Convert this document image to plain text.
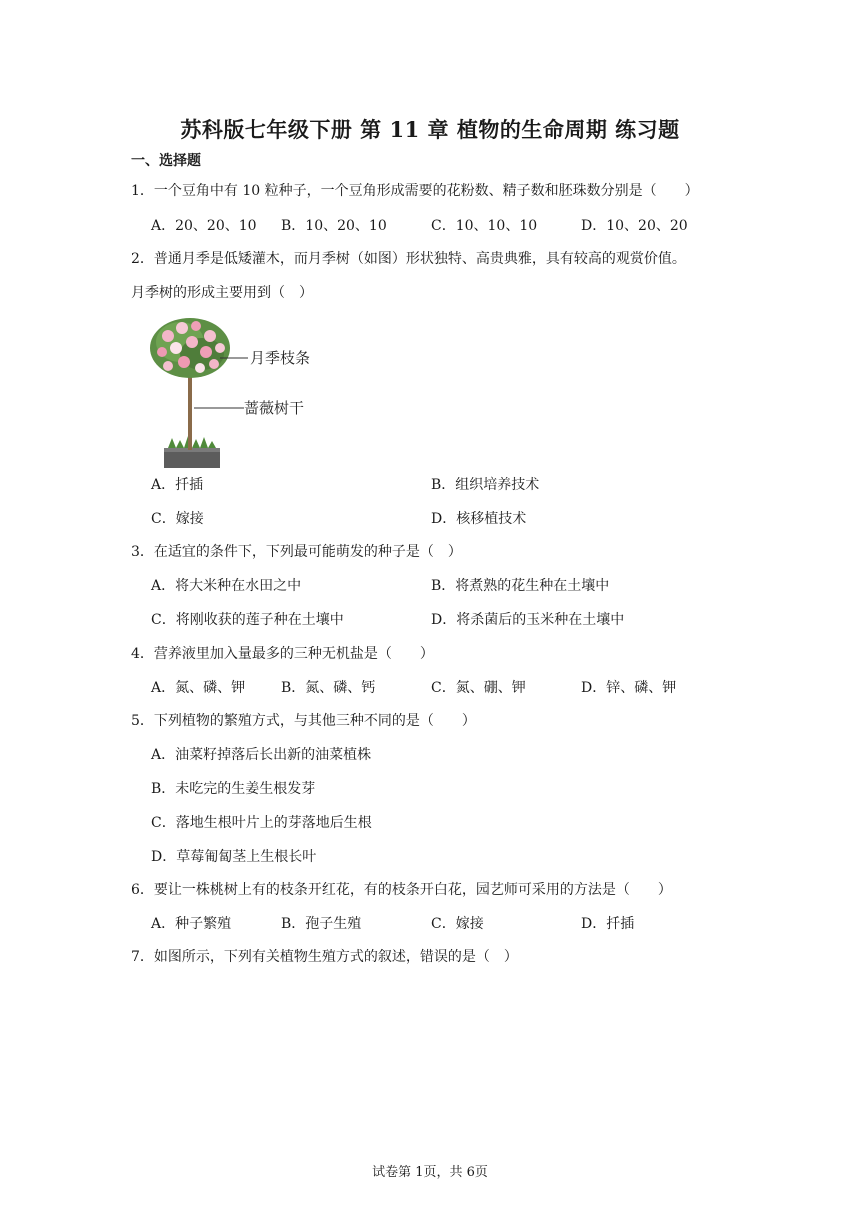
苏科版七年级下册 第 11 章 植物的生命周期 练习题
一、选择题
1．一个豆角中有 10 粒种子，一个豆角形成需要的花粉数、精子数和胚珠数分别是（　　）
A．20、20、10 B．10、20、10	C．10、10、10	D．10、20、20
2．普通月季是低矮灌木，而月季树（如图）形状独特、高贵典雅，具有较高的观赏价值。
月季树的形成主要用到（　）
月季枝条
蔷薇树干
A．扦插	B．组织培养技术
C．嫁接	D．核移植技术
3．在适宜的条件下，下列最可能萌发的种子是（　）
A．将大米种在水田之中	B．将煮熟的花生种在土壤中
C．将刚收获的莲子种在土壤中	D．将杀菌后的玉米种在土壤中
4．营养液里加入量最多的三种无机盐是（　　）
A．氮、磷、钾	B．氮、磷、钙	C．氮、硼、钾	D．锌、磷、钾
5．下列植物的繁殖方式，与其他三种不同的是（　　）
A．油菜籽掉落后长出新的油菜植株
B．未吃完的生姜生根发芽
C．落地生根叶片上的芽落地后生根
D．草莓匍匐茎上生根长叶
6．要让一株桃树上有的枝条开红花，有的枝条开白花，园艺师可采用的方法是（　　）
A．种子繁殖	B．孢子生殖	C．嫁接	D．扦插
7．如图所示，下列有关植物生殖方式的叙述，错误的是（　）
试卷第 1页，共 6页
